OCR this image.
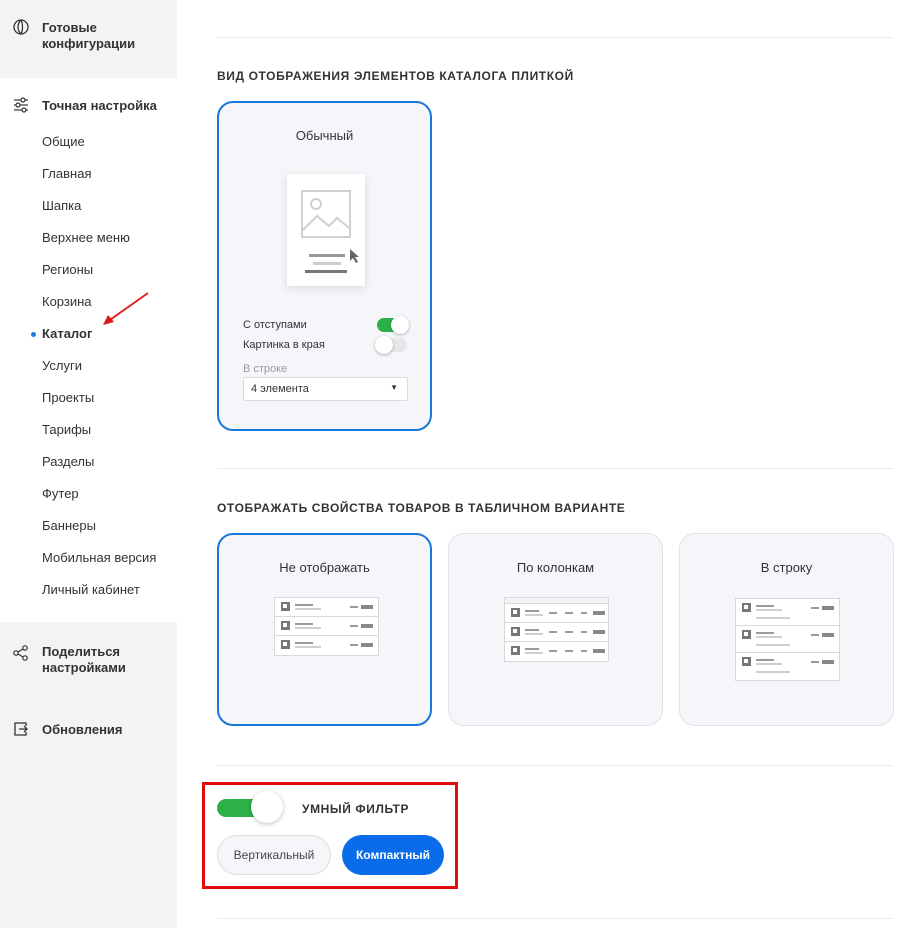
Готовые конфигурации
Точная настройка
Общие
Главная
Шапка
Верхнее меню
Регионы
Корзина
Каталог
Услуги
Проекты
Тарифы
Разделы
Футер
Баннеры
Мобильная версия
Личный кабинет
Поделиться настройками
Обновления
ВИД ОТОБРАЖЕНИЯ ЭЛЕМЕНТОВ КАТАЛОГА ПЛИТКОЙ
Обычный
С отступами
Картинка в края
В строке
4 элемента	▼
ОТОБРАЖАТЬ СВОЙСТВА ТОВАРОВ В ТАБЛИЧНОМ ВАРИАНТЕ
Не отображать	По колонкам	В строку
УМНЫЙ ФИЛЬТР
Вертикальный	Компактный
